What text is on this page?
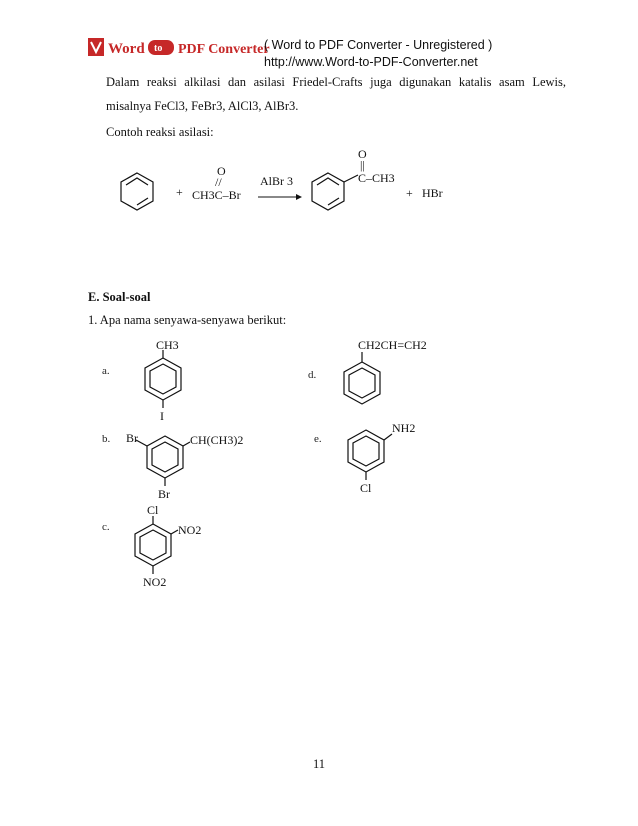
Word to PDF Converter
( Word to PDF Converter - Unregistered )
http://www.Word-to-PDF-Converter.net
Dalam reaksi alkilasi dan asilasi Friedel-Crafts juga digunakan katalis asam Lewis,
misalnya FeCl3, FeBr3, AlCl3, AlBr3.
Contoh reaksi asilasi:
+
O
//
CH3C–Br
AlBr 3
O
||
C–CH3
+ HBr
E. Soal-soal
1. Apa nama senyawa-senyawa berikut:
a.
CH3
I
b. Br	CH(CH3)2
Br
c.
Cl
NO2
NO2
d.
CH2CH=CH2
e.
NH2
Cl
11
